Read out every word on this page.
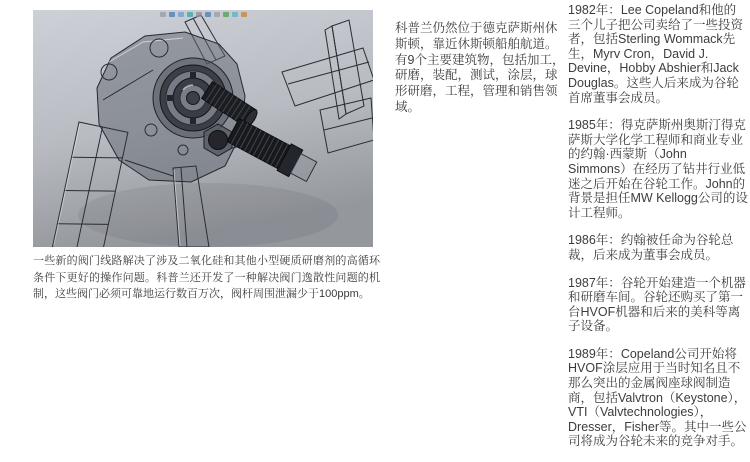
一些新的阀门线路解决了涉及二氧化硅和其他小型硬质研磨剂的高循环条件下更好的操作问题。科普兰还开发了一种解决阀门逸散性问题的机制，这些阀门必须可靠地运行数百万次，阀杆周围泄漏少于100ppm。

科普兰仍然位于德克萨斯州休斯顿，靠近休斯顿船舶航道。有9个主要建筑物，包括加工，研磨，装配，测试，涂层，球形研磨，工程，管理和销售领域。

1982年：Lee Copeland和他的三个儿子把公司卖给了一些投资者，包括Sterling Wommack先生，Myrv Cron，David J. Devine，Hobby Abshier和Jack Douglas。这些人后来成为谷轮首席董事会成员。

1985年：得克萨斯州奥斯汀得克萨斯大学化学工程师和商业专业的约翰·西蒙斯（John Simmons）在经历了钻井行业低迷之后开始在谷轮工作。John的背景是担任MW Kellogg公司的设计工程师。

1986年：约翰被任命为谷轮总裁，后来成为董事会成员。

1987年：谷轮开始建造一个机器和研磨车间。谷轮还购买了第一台HVOF机器和后来的美科等离子设备。

1989年：Copeland公司开始将HVOF涂层应用于当时知名且不那么突出的金属阀座球阀制造商，包括Valvtron（Keystone），VTI（Valvtechnologies），Dresser，Fisher等。其中一些公司将成为谷轮未来的竞争对手。
